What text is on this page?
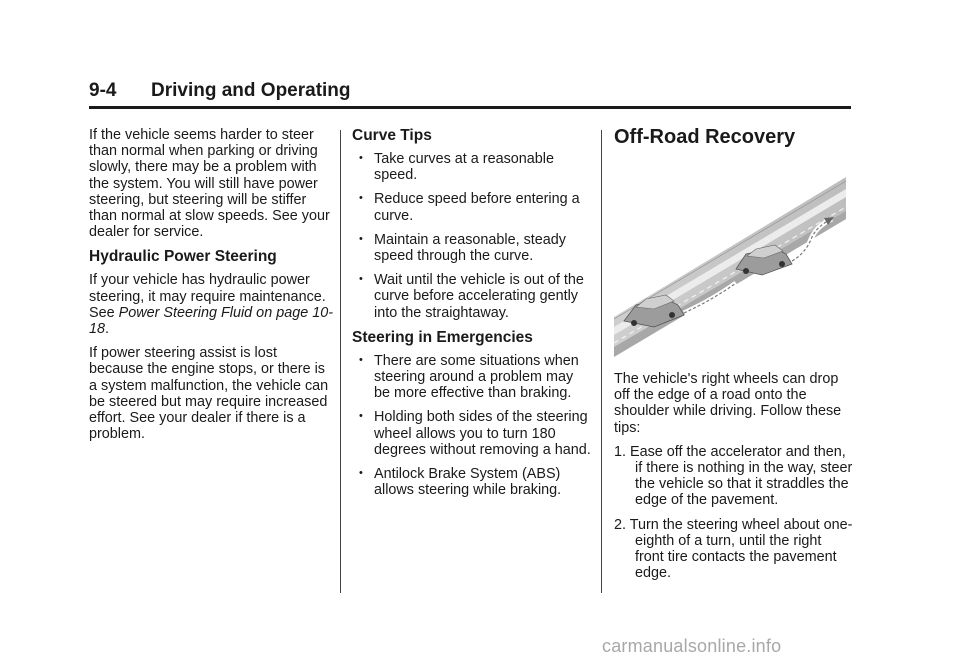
9-4 Driving and Operating

If the vehicle seems harder to steer than normal when parking or driving slowly, there may be a problem with the system. You will still have power steering, but steering will be stiffer than normal at slow speeds. See your dealer for service.

Hydraulic Power Steering

If your vehicle has hydraulic power steering, it may require maintenance. See Power Steering Fluid on page 10-18.

If power steering assist is lost because the engine stops, or there is a system malfunction, the vehicle can be steered but may require increased effort. See your dealer if there is a problem.

Curve Tips
• Take curves at a reasonable speed.
• Reduce speed before entering a curve.
• Maintain a reasonable, steady speed through the curve.
• Wait until the vehicle is out of the curve before accelerating gently into the straightaway.
Steering in Emergencies
• There are some situations when steering around a problem may be more effective than braking.
• Holding both sides of the steering wheel allows you to turn 180 degrees without removing a hand.
• Antilock Brake System (ABS) allows steering while braking.
Off-Road Recovery

The vehicle's right wheels can drop off the edge of a road onto the shoulder while driving. Follow these tips:

1. Ease off the accelerator and then, if there is nothing in the way, steer the vehicle so that it straddles the edge of the pavement.
2. Turn the steering wheel about one-eighth of a turn, until the right front tire contacts the pavement edge.
carmanualsonline.info
